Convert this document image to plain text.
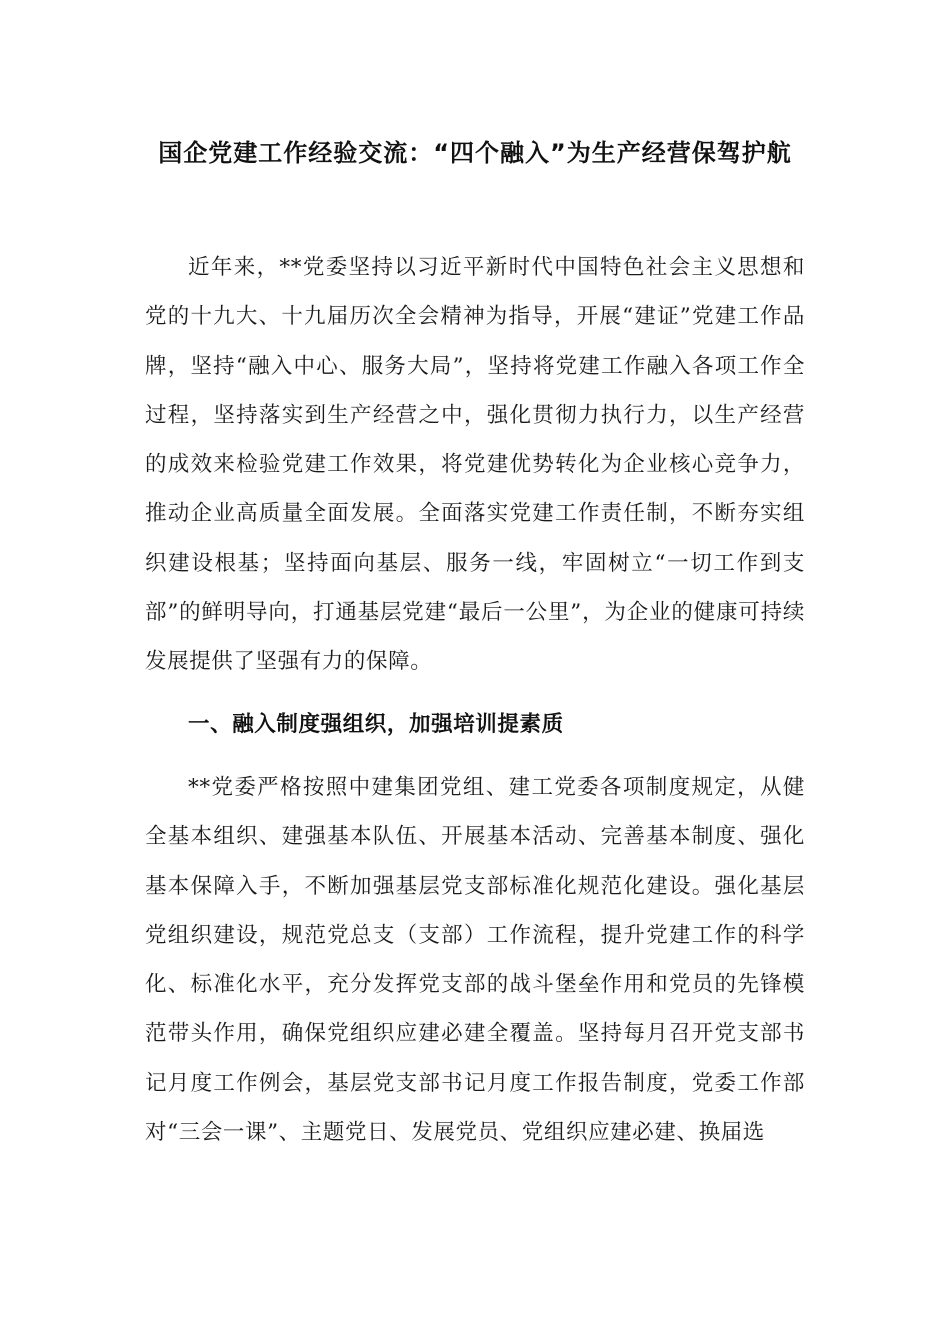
国企党建工作经验交流：“四个融入”为生产经营保驾护航

近年来，**党委坚持以习近平新时代中国特色社会主义思想和党的十九大、十九届历次全会精神为指导，开展“建证”党建工作品牌，坚持“融入中心、服务大局”，坚持将党建工作融入各项工作全过程，坚持落实到生产经营之中，强化贯彻力执行力，以生产经营的成效来检验党建工作效果，将党建优势转化为企业核心竞争力，推动企业高质量全面发展。全面落实党建工作责任制，不断夯实组织建设根基；坚持面向基层、服务一线，牢固树立“一切工作到支部”的鲜明导向，打通基层党建“最后一公里”，为企业的健康可持续发展提供了坚强有力的保障。

一、融入制度强组织，加强培训提素质

**党委严格按照中建集团党组、建工党委各项制度规定，从健全基本组织、建强基本队伍、开展基本活动、完善基本制度、强化基本保障入手，不断加强基层党支部标准化规范化建设。强化基层党组织建设，规范党总支（支部）工作流程，提升党建工作的科学化、标准化水平，充分发挥党支部的战斗堡垒作用和党员的先锋模范带头作用，确保党组织应建必建全覆盖。坚持每月召开党支部书记月度工作例会，基层党支部书记月度工作报告制度，党委工作部对“三会一课”、主题党日、发展党员、党组织应建必建、换届选
